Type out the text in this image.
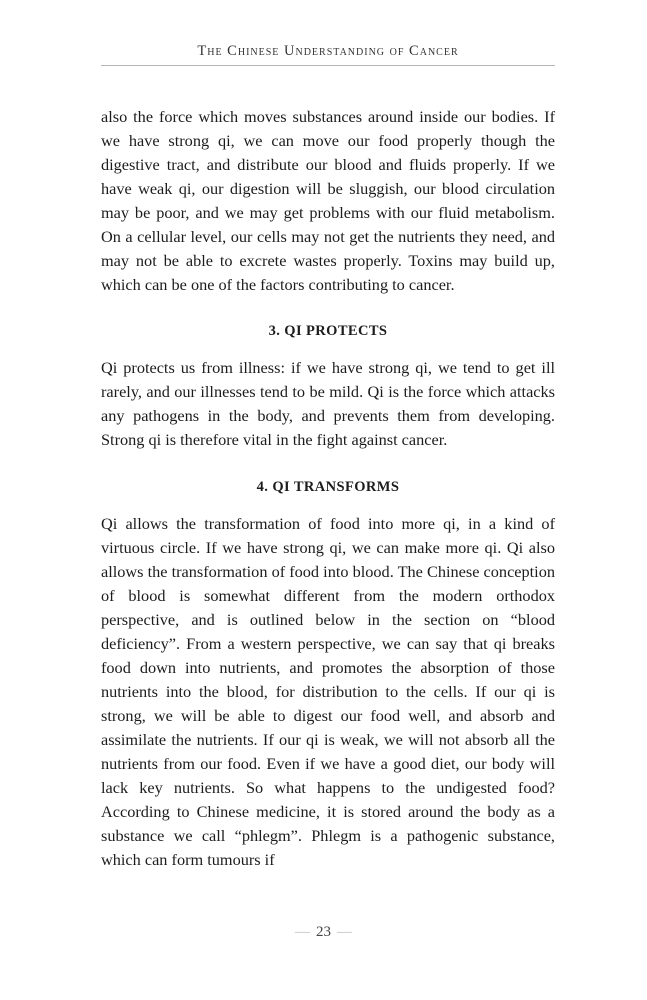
The Chinese Understanding of Cancer

also the force which moves substances around inside our bodies. If we have strong qi, we can move our food properly though the digestive tract, and distribute our blood and fluids properly. If we have weak qi, our digestion will be sluggish, our blood circulation may be poor, and we may get problems with our fluid metabolism. On a cellular level, our cells may not get the nutrients they need, and may not be able to excrete wastes properly. Toxins may build up, which can be one of the factors contributing to cancer.

3. QI PROTECTS

Qi protects us from illness: if we have strong qi, we tend to get ill rarely, and our illnesses tend to be mild. Qi is the force which attacks any pathogens in the body, and prevents them from developing. Strong qi is therefore vital in the fight against cancer.

4. QI TRANSFORMS

Qi allows the transformation of food into more qi, in a kind of virtuous circle. If we have strong qi, we can make more qi. Qi also allows the transformation of food into blood. The Chinese conception of blood is somewhat different from the modern orthodox perspective, and is outlined below in the section on “blood deficiency”. From a western perspective, we can say that qi breaks food down into nutrients, and promotes the absorption of those nutrients into the blood, for distribution to the cells. If our qi is strong, we will be able to digest our food well, and absorb and assimilate the nutrients. If our qi is weak, we will not absorb all the nutrients from our food. Even if we have a good diet, our body will lack key nutrients. So what happens to the undigested food? According to Chinese medicine, it is stored around the body as a substance we call “phlegm”. Phlegm is a pathogenic substance, which can form tumours if

— 23 —
